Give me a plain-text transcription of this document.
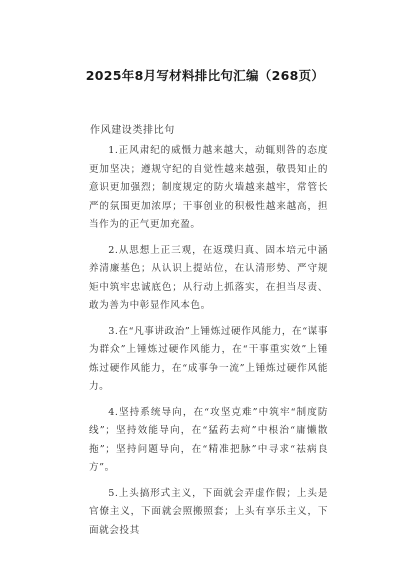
2025年8月写材料排比句汇编（268页）
作风建设类排比句

1.正风肃纪的威慑力越来越大，动辄则咎的态度更加坚决；遵规守纪的自觉性越来越强，敬畏知止的意识更加强烈；制度规定的防火墙越来越牢，常管长严的氛围更加浓厚；干事创业的积极性越来越高，担当作为的正气更加充盈。

2.从思想上正三观，在返璞归真、固本培元中涵养清廉基色；从认识上提站位，在认清形势、严守规矩中筑牢忠诚底色；从行动上抓落实，在担当尽责、敢为善为中彰显作风本色。

3.在“凡事讲政治”上锤炼过硬作风能力，在“谋事为群众”上锤炼过硬作风能力，在“干事重实效”上锤炼过硬作风能力，在“成事争一流”上锤炼过硬作风能力。

4.坚持系统导向，在“攻坚克难”中筑牢“制度防线”；坚持效能导向，在“猛药去疴”中根治“庸懒散拖”；坚持问题导向，在“精准把脉”中寻求“祛病良方”。

5.上头搞形式主义，下面就会弄虚作假；上头是官僚主义，下面就会照搬照套；上头有享乐主义，下面就会投其
